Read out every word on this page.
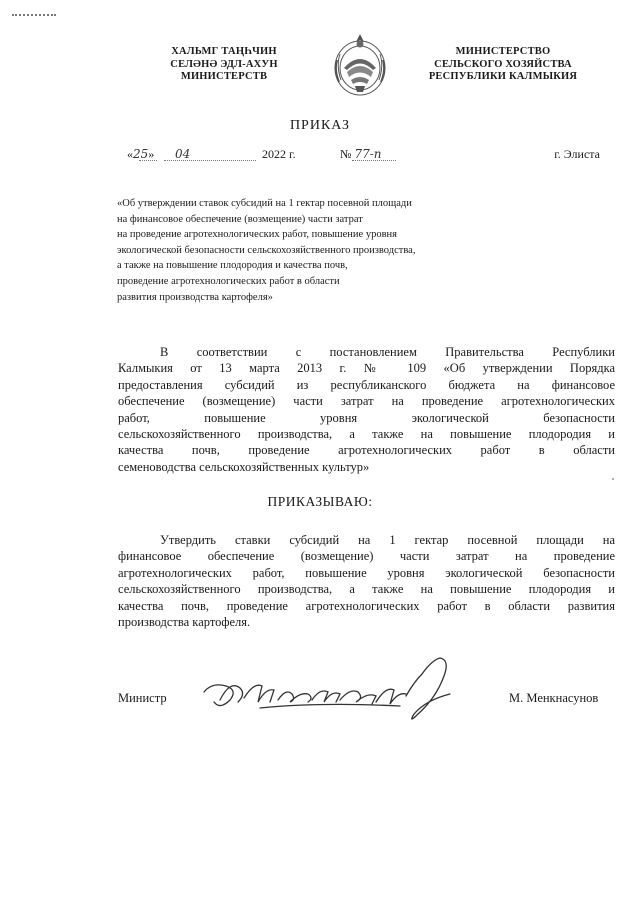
ХАЛЬМГ ТАҢҺЧИН
СЕЛӘНӘ ЭДЛ-АХУН
МИНИСТЕРСТВ
МИНИСТЕРСТВО
СЕЛЬСКОГО ХОЗЯЙСТВА
РЕСПУБЛИКИ КАЛМЫКИЯ
ПРИКАЗ
«25» 04	2022 г.	№ 77-п	г. Элиста
«Об утверждении ставок субсидий на 1 гектар посевной площади
на финансовое обеспечение (возмещение) части затрат
на проведение агротехнологических работ, повышение уровня
экологической безопасности сельскохозяйственного производства,
а также на повышение плодородия и качества почв,
проведение агротехнологических работ в области
развития производства картофеля»
В соответствии с постановлением Правительства Республики
Калмыкия от 13 марта 2013 г. № 109 «Об утверждении Порядка
предоставления субсидий из республиканского бюджета на финансовое
обеспечение (возмещение) части затрат на проведение агротехнологических
работ, повышение уровня экологической безопасности
сельскохозяйственного производства, а также на повышение плодородия и
качества почв, проведение агротехнологических работ в области
семеноводства сельскохозяйственных культур»
ПРИКАЗЫВАЮ:
Утвердить ставки субсидий на 1 гектар посевной площади на
финансовое обеспечение (возмещение) части затрат на проведение
агротехнологических работ, повышение уровня экологической безопасности
сельскохозяйственного производства, а также на повышение плодородия и
качества почв, проведение агротехнологических работ в области развития
производства картофеля.
Министр	М. Менкнасунов
